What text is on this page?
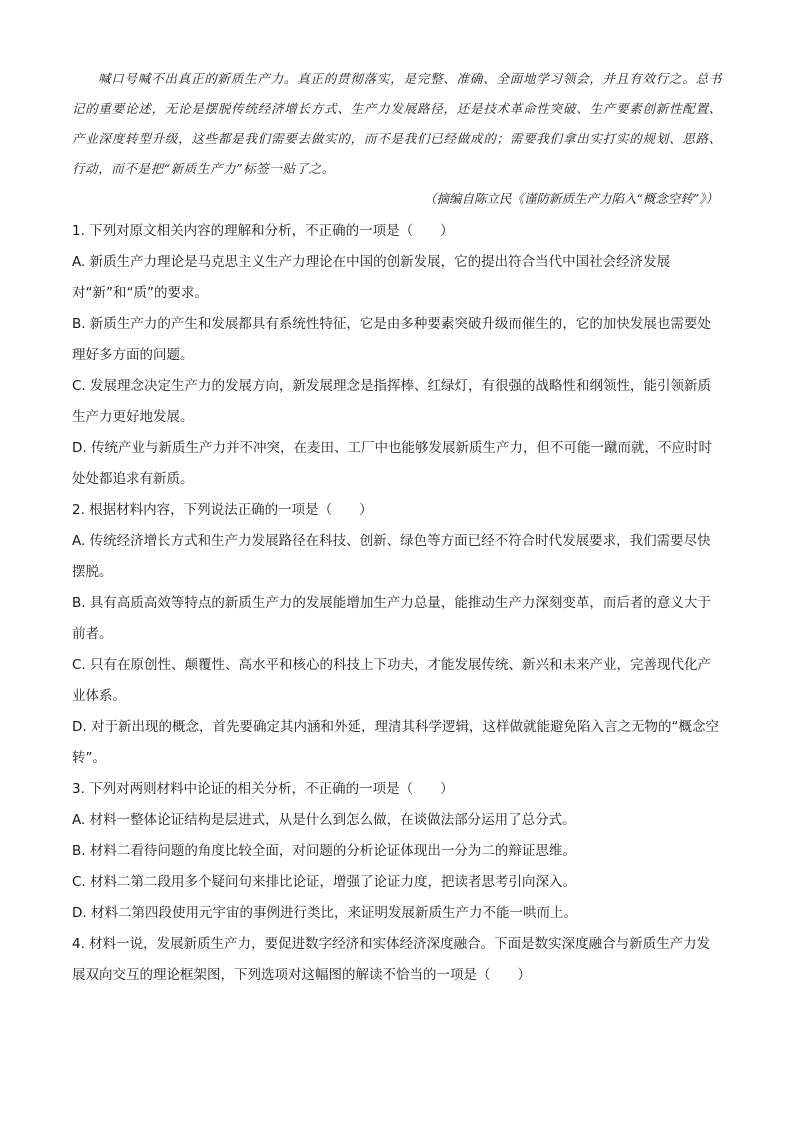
喊口号喊不出真正的新质生产力。真正的贯彻落实，是完整、准确、全面地学习领会，并且有效行之。总书记的重要论述，无论是摆脱传统经济增长方式、生产力发展路径，还是技术革命性突破、生产要素创新性配置、产业深度转型升级，这些都是我们需要去做实的，而不是我们已经做成的；需要我们拿出实打实的规划、思路、行动，而不是把“新质生产力”标签一贴了之。

（摘编自陈立民《谨防新质生产力陷入“概念空转”》）

1. 下列对原文相关内容的理解和分析，不正确的一项是（　　）

A. 新质生产力理论是马克思主义生产力理论在中国的创新发展，它的提出符合当代中国社会经济发展对“新”和“质”的要求。

B. 新质生产力的产生和发展都具有系统性特征，它是由多种要素突破升级而催生的，它的加快发展也需要处理好多方面的问题。

C. 发展理念决定生产力的发展方向，新发展理念是指挥棒、红绿灯，有很强的战略性和纲领性，能引领新质生产力更好地发展。

D. 传统产业与新质生产力并不冲突，在麦田、工厂中也能够发展新质生产力，但不可能一蹴而就，不应时时处处都追求有新质。

2. 根据材料内容，下列说法正确的一项是（　　）

A. 传统经济增长方式和生产力发展路径在科技、创新、绿色等方面已经不符合时代发展要求，我们需要尽快摆脱。

B. 具有高质高效等特点的新质生产力的发展能增加生产力总量，能推动生产力深刻变革，而后者的意义大于前者。

C. 只有在原创性、颠覆性、高水平和核心的科技上下功夫，才能发展传统、新兴和未来产业，完善现代化产业体系。

D. 对于新出现的概念，首先要确定其内涵和外延，理清其科学逻辑，这样做就能避免陷入言之无物的“概念空转”。

3. 下列对两则材料中论证的相关分析，不正确的一项是（　　）

A. 材料一整体论证结构是层进式，从是什么到怎么做，在谈做法部分运用了总分式。

B. 材料二看待问题的角度比较全面，对问题的分析论证体现出一分为二的辩证思维。

C. 材料二第二段用多个疑问句来排比论证，增强了论证力度，把读者思考引向深入。

D. 材料二第四段使用元宇宙的事例进行类比，来证明发展新质生产力不能一哄而上。

4. 材料一说，发展新质生产力，要促进数字经济和实体经济深度融合。下面是数实深度融合与新质生产力发展双向交互的理论框架图，下列选项对这幅图的解读不恰当的一项是（　　）
